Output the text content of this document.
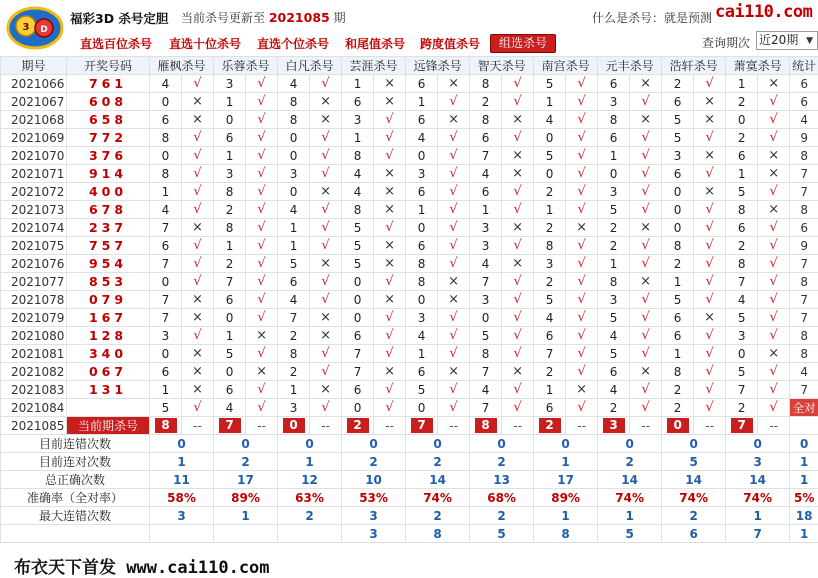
3 D
福彩3D 杀号定胆 当前杀号更新至 2021085 期	什么是杀号：就是预测 cai110.com
直选百位杀号 直选十位杀号 直选个位杀号 和尾值杀号 跨度值杀号	组选杀号	查询期次 近20期 ▼
期号	开奖号码	雁枫杀号		乐蓉杀号		白凡杀号		芸涯杀号		远锋杀号		智天杀号		南宫杀号		元丰杀号		浩轩杀号		萧寞杀号		统计
2021066	761	4	√	3	√	4	√	1	×	6	×	8	√	5	√	6	×	2	√	1	×	6
2021067	608	0	×	1	√	8	×	6	×	1	√	2	√	1	√	3	√	6	×	2	√	6
2021068	658	6	×	0	√	8	×	3	√	6	×	8	×	4	√	8	×	5	×	0	√	4
2021069	772	8	√	6	√	0	√	1	√	4	√	6	√	0	√	6	√	5	√	2	√	9
2021070	376	0	√	1	√	0	√	8	√	0	√	7	×	5	√	1	√	3	×	6	×	8
2021071	914	8	√	3	√	3	√	4	×	3	√	4	×	0	√	0	√	6	√	1	×	7
2021072	400	1	√	8	√	0	×	4	×	6	√	6	√	2	√	3	√	0	×	5	√	7
2021073	678	4	√	2	√	4	√	8	×	1	√	1	√	1	√	5	√	0	√	8	×	8
2021074	237	7	×	8	√	1	√	5	√	0	√	3	×	2	×	2	×	0	√	6	√	6
2021075	757	6	√	1	√	1	√	5	×	6	√	3	√	8	√	2	√	8	√	2	√	9
2021076	954	7	√	2	√	5	×	5	×	8	√	4	×	3	√	1	√	2	√	8	√	7
2021077	853	0	√	7	√	6	√	0	√	8	×	7	√	2	√	8	×	1	√	7	√	8
2021078	079	7	×	6	√	4	√	0	×	0	×	3	√	5	√	3	√	5	√	4	√	7
2021079	167	7	×	0	√	7	×	0	√	3	√	0	√	4	√	5	√	6	×	5	√	7
2021080	128	3	√	1	×	2	×	6	√	4	√	5	√	6	√	4	√	6	√	3	√	8
2021081	340	0	×	5	√	8	√	7	√	1	√	8	√	7	√	5	√	1	√	0	×	8
2021082	067	6	×	0	×	2	√	7	×	6	×	7	×	2	√	6	×	8	√	5	√	4
2021083	131	1	×	6	√	1	×	6	√	5	√	4	√	1	×	4	√	2	√	7	√	7
2021084		5	√	4	√	3	√	0	√	0	√	7	√	6	√	2	√	2	√	2	√	全对
2021085	当前期杀号	8	--	7	--	0	--	2	--	7	--	8	--	2	--	3	--	0	--	7	--	
目前连错次数		0		0		0		0		0		0		0		0		0		0		0
目前连对次数		1		2		1		2		2		2		1		2		5		3		1
总正确次数		11		17		12		10		14		13		17		14		14		14		1
准确率（全对率）		58%		89%		63%		53%		74%		68%		89%		74%		74%		74%		5%
最大连错次数		3		1		2		3		2		2		1		1		2		1		18
								3		8		5		8		5		6		7		1
布衣天下首发 www.cai110.com
